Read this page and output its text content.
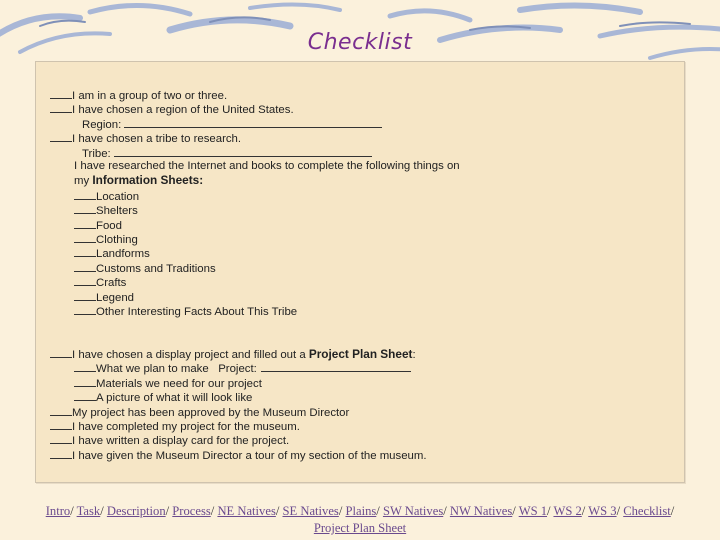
Checklist
I am in a group of two or three.
I have chosen a region of the United States.
Region:
I have chosen a tribe to research.
Tribe:
I have researched the Internet and books to complete the following things on
my Information Sheets:
Location
Shelters
Food
Clothing
Landforms
Customs and Traditions
Crafts
Legend
Other Interesting Facts About This Tribe
I have chosen a display project and filled out a Project Plan Sheet:
What we plan to make Project:
Materials we need for our project
A picture of what it will look like
My project has been approved by the Museum Director
I have completed my project for the museum.
I have written a display card for the project.
I have given the Museum Director a tour of my section of the museum.
Intro/ Task/ Description/ Process/ NE Natives/ SE Natives/ Plains/ SW Natives/ NW Natives/ WS 1/ WS 2/ WS 3/ Checklist/
Project Plan Sheet
